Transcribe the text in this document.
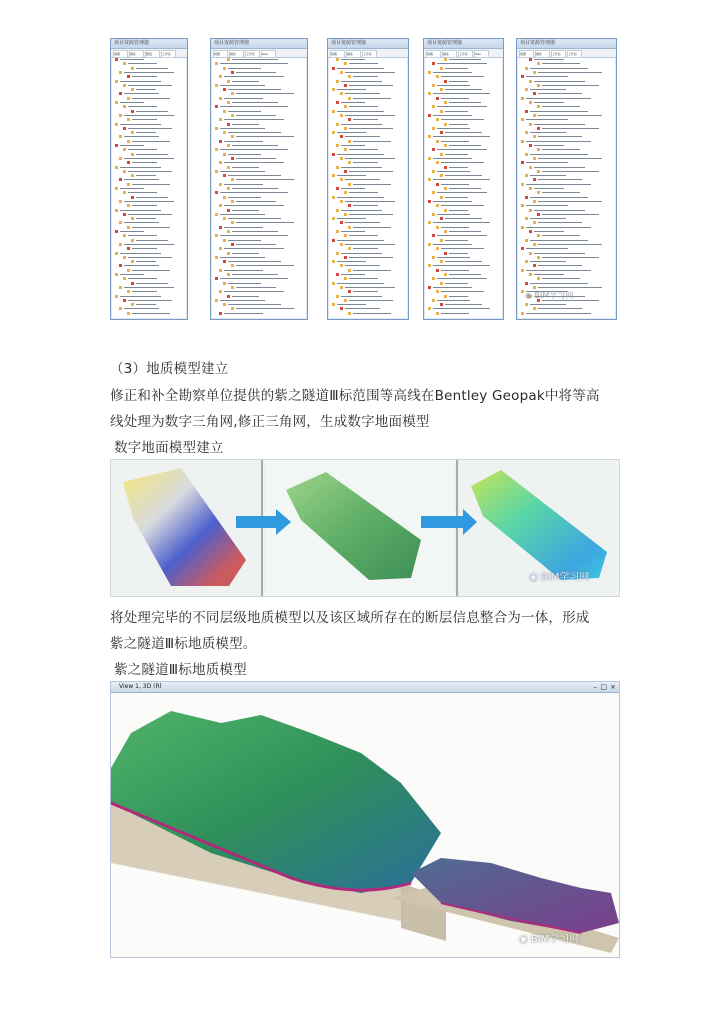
项目资源管理器
视图	属性	图层	工作区
项目资源管理器
视图	属性	工作区	Geo
项目资源管理器
视图	属性	工作区
项目资源管理器
视图	属性	工作区	Geo
项目资源管理器
视图	属性	工作区	工作区
◉ BIM学习网
（3）地质模型建立
修正和补全勘察单位提供的紫之隧道Ⅲ标范围等高线在Bentley Geopak中将等高
线处理为数字三角网,修正三角网，生成数字地面模型
数字地面模型建立
◉ BIM学习网
将处理完毕的不同层级地质模型以及该区域所存在的断层信息整合为一体，形成
紫之隧道Ⅲ标地质模型。
紫之隧道Ⅲ标地质模型
View 1, 3D (Rl	– □ ×
◉ BIM学习网
